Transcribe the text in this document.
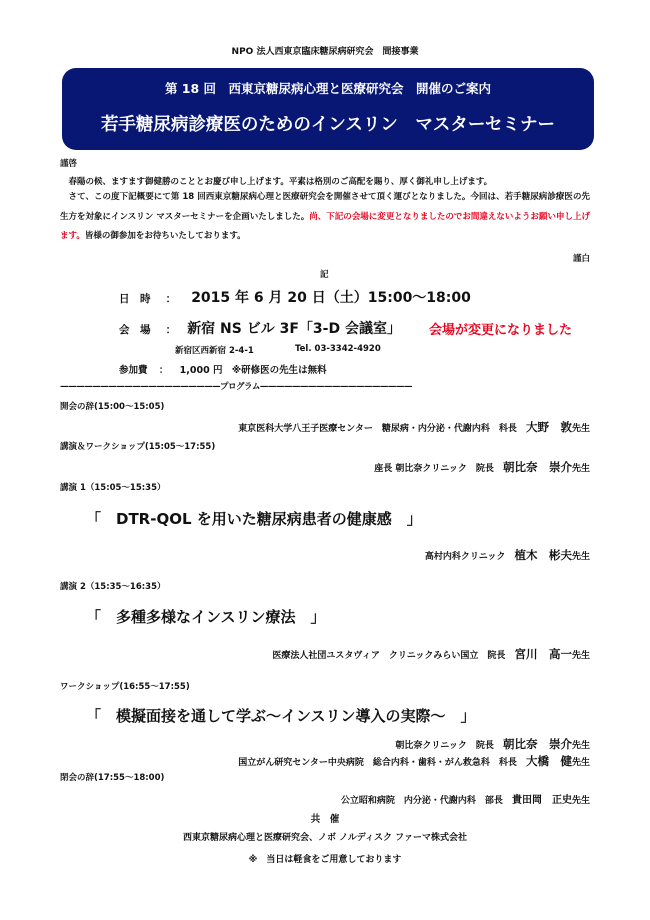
NPO 法人西東京臨床糖尿病研究会　間接事業
第 18 回　西東京糖尿病心理と医療研究会　開催のご案内
若手糖尿病診療医のためのインスリン　マスターセミナー
謹啓
　春陽の候、ますます御健勝のこととお慶び申し上げます。平素は格別のご高配を賜り、厚く御礼申し上げます。
　さて、この度下記概要にて第 18 回西東京糖尿病心理と医療研究会を開催させて頂く運びとなりました。今回は、若手糖尿病診療医の先生方を対象にインスリン マスターセミナーを企画いたしました。尚、下記の会場に変更となりましたのでお間違えないようお願い申し上げます。皆様の御参加をお待ちいたしております。
謹白
記
日　時 ： 2015 年 6 月 20 日（土）15:00～18:00
会　場 ： 新宿 NS ビル 3F「3-D 会議室」 会場が変更になりました
新宿区西新宿 2-4-1	Tel. 03-3342-4920
参加費 ： 1,000 円 ※研修医の先生は無料
————————————————————プログラム———————————————————
開会の辞(15:00～15:05)
東京医科大学八王子医療センター　糖尿病・内分泌・代謝内科　科長 大野　敦先生
講演＆ワークショップ(15:05～17:55)
座長 朝比奈クリニック　院長 朝比奈　崇介先生
講演 1（15:05～15:35）
「　DTR-QOL を用いた糖尿病患者の健康感　」
高村内科クリニック 植木　彬夫先生
講演 2（15:35～16:35）
「　多種多様なインスリン療法　」
医療法人社団ユスタヴィア　クリニックみらい国立　院長 宮川　高一先生
ワークショップ(16:55～17:55)
「　模擬面接を通して学ぶ～インスリン導入の実際～　」
朝比奈クリニック　院長 朝比奈　崇介先生
国立がん研究センター中央病院　総合内科・歯科・がん救急科　科長 大橋　健先生
閉会の辞(17:55～18:00)
公立昭和病院　内分泌・代謝内科　部長 貴田岡　正史先生
共　催
西東京糖尿病心理と医療研究会、ノボ ノルディスク ファーマ株式会社
※　当日は軽食をご用意しております
